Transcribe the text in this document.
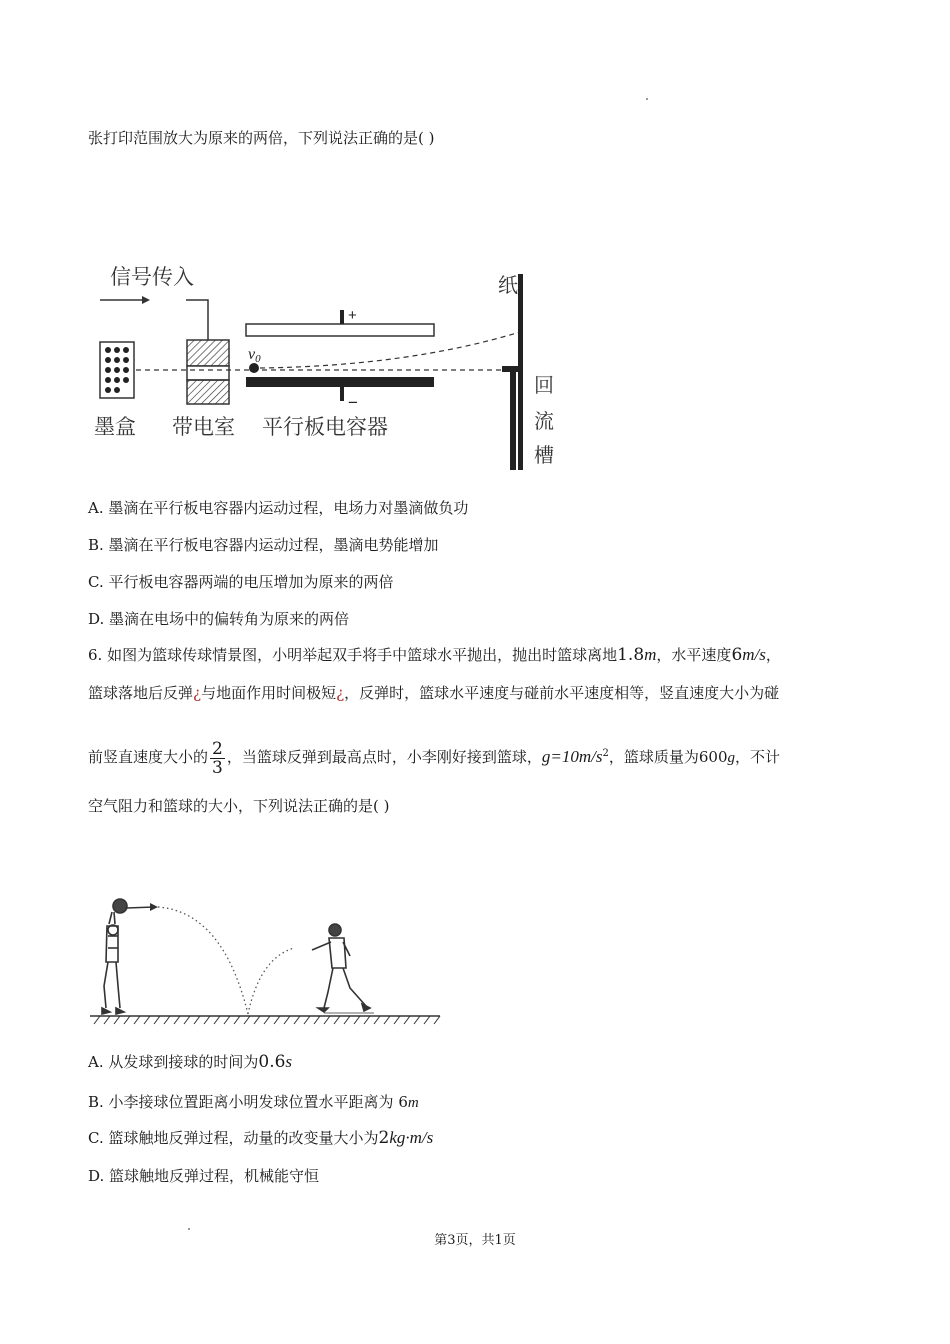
张打印范围放大为原来的两倍，下列说法正确的是( )
信号传入
+
−
v0
纸
回
流
槽
墨盒 带电室 平行板电容器
A. 墨滴在平行板电容器内运动过程，电场力对墨滴做负功
B. 墨滴在平行板电容器内运动过程，墨滴电势能增加
C. 平行板电容器两端的电压增加为原来的两倍
D. 墨滴在电场中的偏转角为原来的两倍
6. 如图为篮球传球情景图，小明举起双手将手中篮球水平抛出，抛出时篮球离地1.8m，水平速度6m/s，
篮球落地后反弹¿与地面作用时间极短¿，反弹时，篮球水平速度与碰前水平速度相等，竖直速度大小为碰
前竖直速度大小的 $\frac{2}{3}$ ，当篮球反弹到最高点时，小李刚好接到篮球，$g=10m/s^2$，篮球质量为600g，不计
空气阻力和篮球的大小，下列说法正确的是( )
A. 从发球到接球的时间为0.6s
B. 小李接球位置距离小明发球位置水平距离为 6m
C. 篮球触地反弹过程，动量的改变量大小为2kg·m/s
D. 篮球触地反弹过程，机械能守恒
第3页，共1页
